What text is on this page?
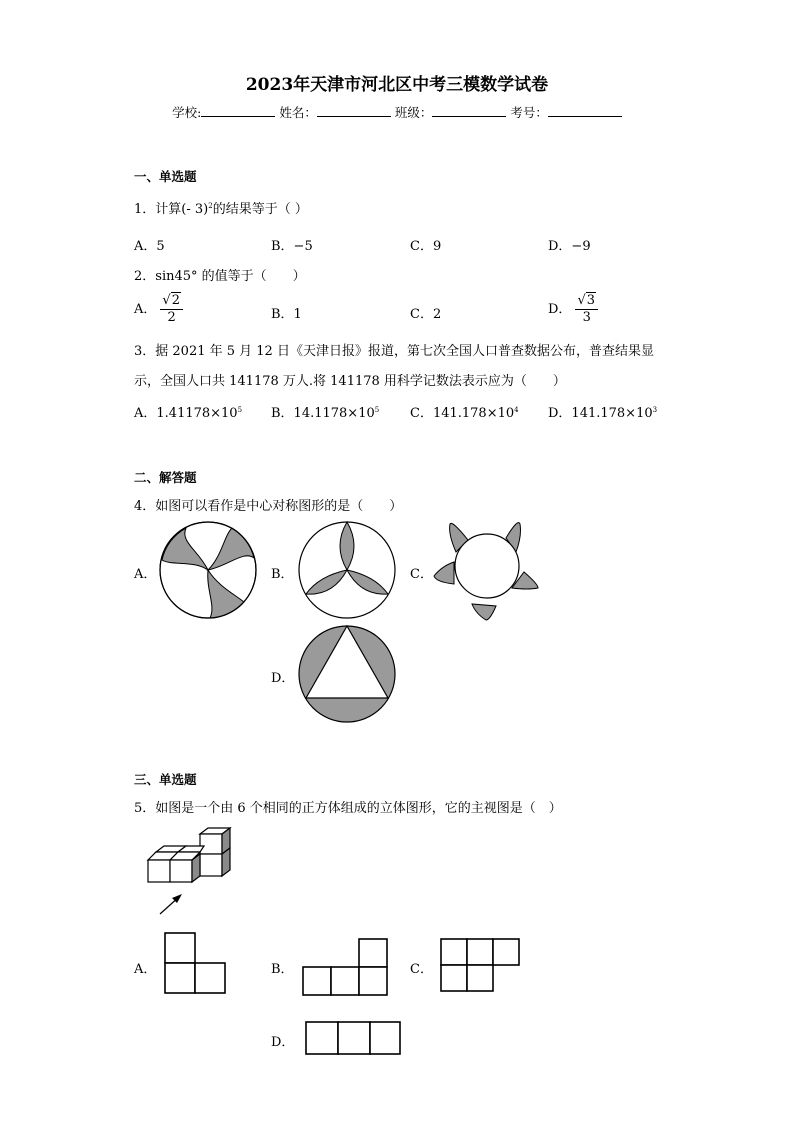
2023年天津市河北区中考三模数学试卷
学校:	姓名：	班级：	考号：
一、单选题
1．计算(- 3)$^2$的结果等于（ ）
A．5	B．−5	C．9	D．−9
2．sin45° 的值等于（　　）
A． $\frac{√2}{2}$	B．1	C．2	D． $\frac{√3}{3}$
3．据 2021 年 5 月 12 日《天津日报》报道，第七次全国人口普查数据公布，普查结果显
示，全国人口共 141178 万人.将 141178 用科学记数法表示应为（　　）
A．$1.41178\times 10^5$ B．$14.1178\times 10^5$ C．$141.178\times 10^4$ D．$141.178\times 10^3$
二、解答题
4．如图可以看作是中心对称图形的是（　　）
A．	B．	C．
D．
三、单选题
5．如图是一个由 6 个相同的正方体组成的立体图形，它的主视图是（　）
A．	B．	C．
D．
